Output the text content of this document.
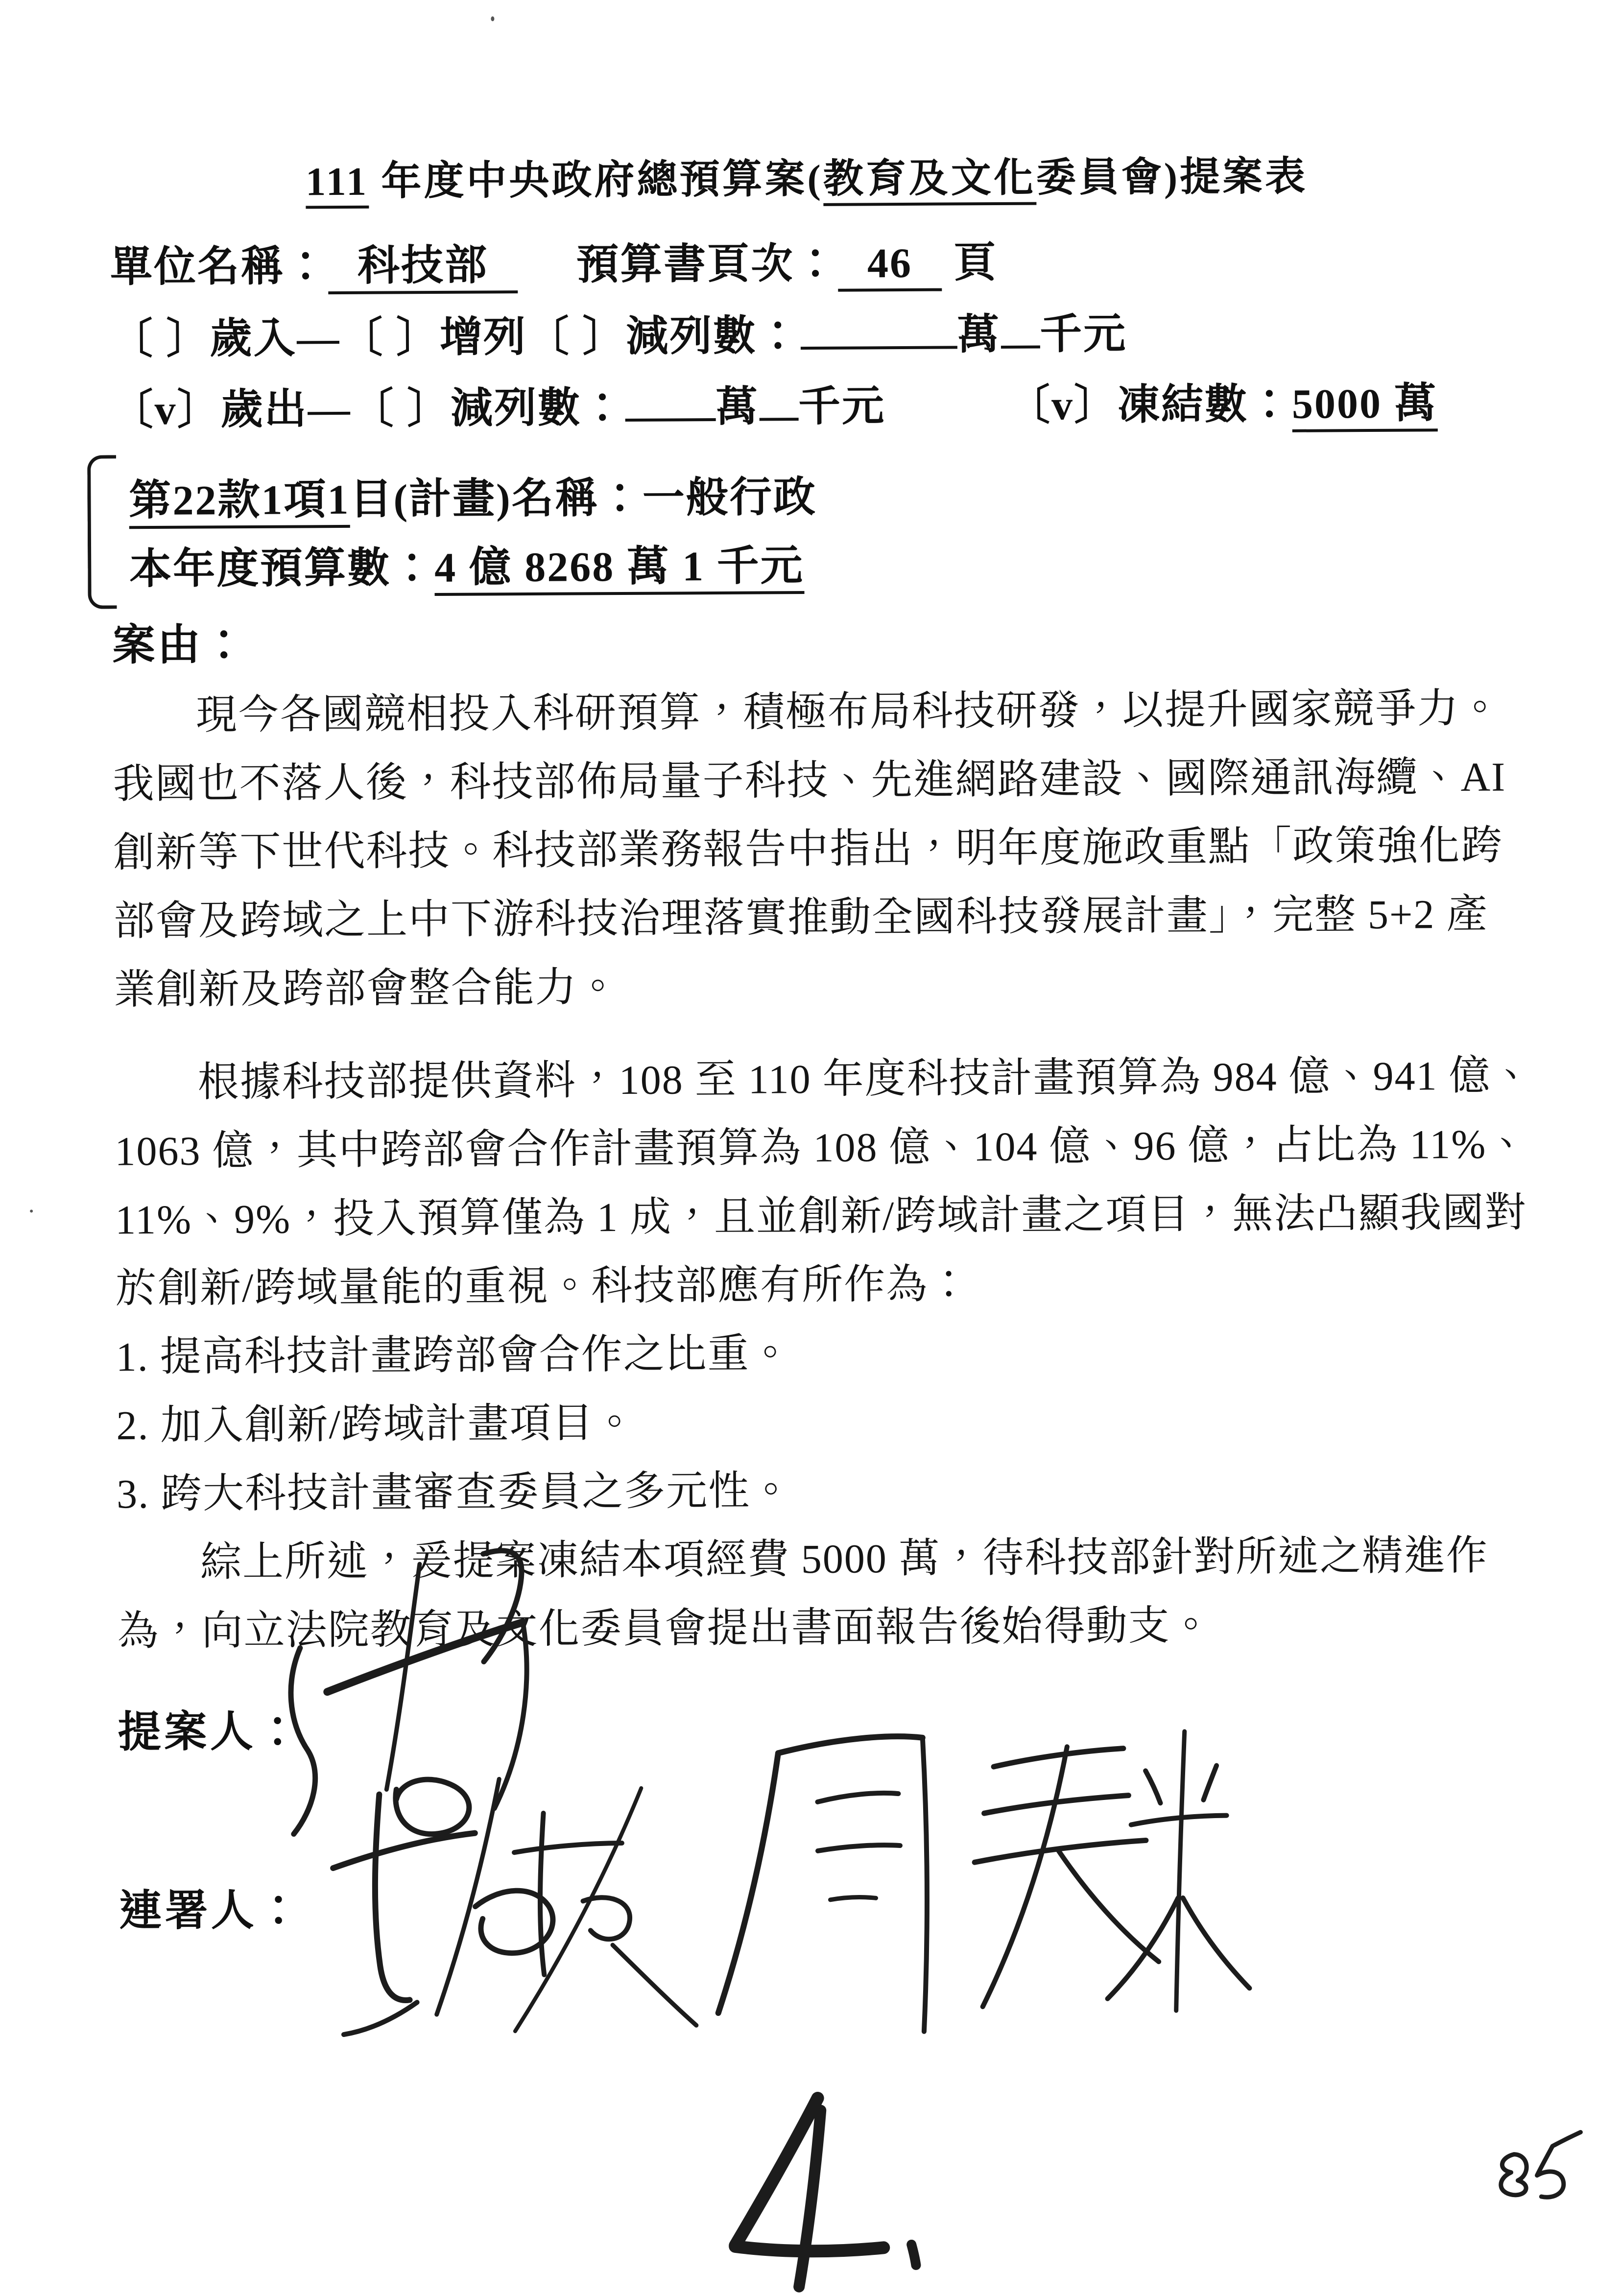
111 年度中央政府總預算案(教育及文化委員會)提案表
單位名稱： 科技部 預算書頁次： 46 頁
〔 〕歲入—〔 〕增列〔 〕減列數：	萬 千元
〔v〕歲出—〔 〕減列數： 萬 千元	〔v〕凍結數：5000 萬
第22款1項1目(計畫)名稱：一般行政
本年度預算數：4 億 8268 萬 1 千元
案由：
現今各國競相投入科研預算，積極布局科技研發，以提升國家競爭力。
我國也不落人後，科技部佈局量子科技、先進網路建設、國際通訊海纜、AI
創新等下世代科技。科技部業務報告中指出，明年度施政重點「政策強化跨
部會及跨域之上中下游科技治理落實推動全國科技發展計畫」，完整 5+2 產
業創新及跨部會整合能力。
根據科技部提供資料，108 至 110 年度科技計畫預算為 984 億、941 億、
1063 億，其中跨部會合作計畫預算為 108 億、104 億、96 億，占比為 11%、
11%、9%，投入預算僅為 1 成，且並創新/跨域計畫之項目，無法凸顯我國對
於創新/跨域量能的重視。科技部應有所作為：
1. 提高科技計畫跨部會合作之比重。
2. 加入創新/跨域計畫項目。
3. 跨大科技計畫審查委員之多元性。
綜上所述，爰提案凍結本項經費 5000 萬，待科技部針對所述之精進作
為，向立法院教育及文化委員會提出書面報告後始得動支。
提案人：
連署人：
